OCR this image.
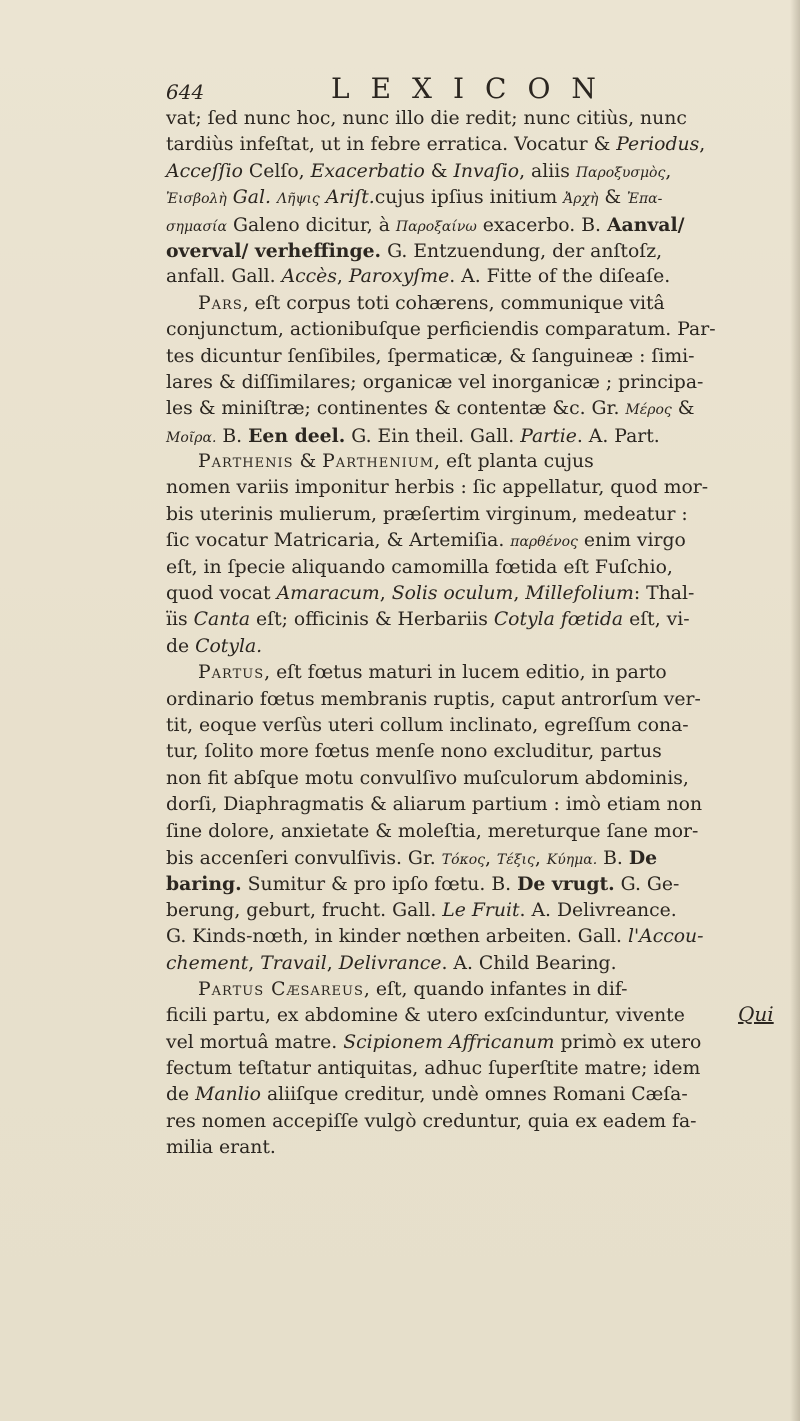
644	LEXICON
vat; ſed nunc hoc, nunc illo die redit; nunc citiùs, nunc
tardiùs infeſtat, ut in febre erratica. Vocatur & Periodus,
Acceſſio Celſo, Exacerbatio & Invaſio, aliis Παροξυσμὸς,
Ἐισβολὴ Gal. Λῆψις Ariſt.cujus ipſius initium Ἀρχὴ & Ἐπα-
σημασία Galeno dicitur, à Παροξαίνω exacerbo. B. Aanval/
overval/ verheffinge. G. Entzuendung, der anſtoſz,
anfall. Gall. Accès, Paroxyſme. A. Fitte of the diſeaſe.
Pars, eſt corpus toti cohærens, communique vitâ
conjunctum, actionibuſque perficiendis comparatum. Par-
tes dicuntur ſenſibiles, ſpermaticæ, & ſanguineæ : ſimi-
lares & diſſimilares; organicæ vel inorganicæ ; principa-
les & miniſtræ; continentes & contentæ &c. Gr. Μέρος &
Μοῖρα. B. Een deel. G. Ein theil. Gall. Partie. A. Part.
Parthenis & Parthenium, eſt planta cujus
nomen variis imponitur herbis : ſic appellatur, quod mor-
bis uterinis mulierum, præſertim virginum, medeatur :
ſic vocatur Matricaria, & Artemiſia. παρθένος enim virgo
eſt, in ſpecie aliquando camomilla fœtida eſt Fuſchio,
quod vocat Amaracum, Solis oculum, Millefolium: Thal-
ïis Canta eſt; officinis & Herbariis Cotyla fœtida eſt, vi-
de Cotyla.
Partus, eſt fœtus maturi in lucem editio, in parto
ordinario fœtus membranis ruptis, caput antrorſum ver-
tit, eoque verſùs uteri collum inclinato, egreſſum cona-
tur, ſolito more fœtus menſe nono excluditur, partus
non fit abſque motu convulſivo muſculorum abdominis,
dorſi, Diaphragmatis & aliarum partium : imò etiam non
ſine dolore, anxietate & moleſtia, mereturque ſane mor-
bis accenſeri convulſivis. Gr. Τόκος, Τέξις, Κύημα. B. De
baring. Sumitur & pro ipſo fœtu. B. De vrugt. G. Ge-
berung, geburt, frucht. Gall. Le Fruit. A. Delivreance.
G. Kinds-nœth, in kinder nœthen arbeiten. Gall. l'Accou-
chement, Travail, Delivrance. A. Child Bearing.
Partus Cæsareus, eſt, quando infantes in dif-
ficili partu, ex abdomine & utero exſcinduntur, vivente
vel mortuâ matre. Scipionem Affricanum primò ex utero
fectum teſtatur antiquitas, adhuc ſuperſtite matre; idem
de Manlio aliiſque creditur, undè omnes Romani Cæſa-
res nomen accepiſſe vulgò creduntur, quia ex eadem fa-
milia erant.
Qui
